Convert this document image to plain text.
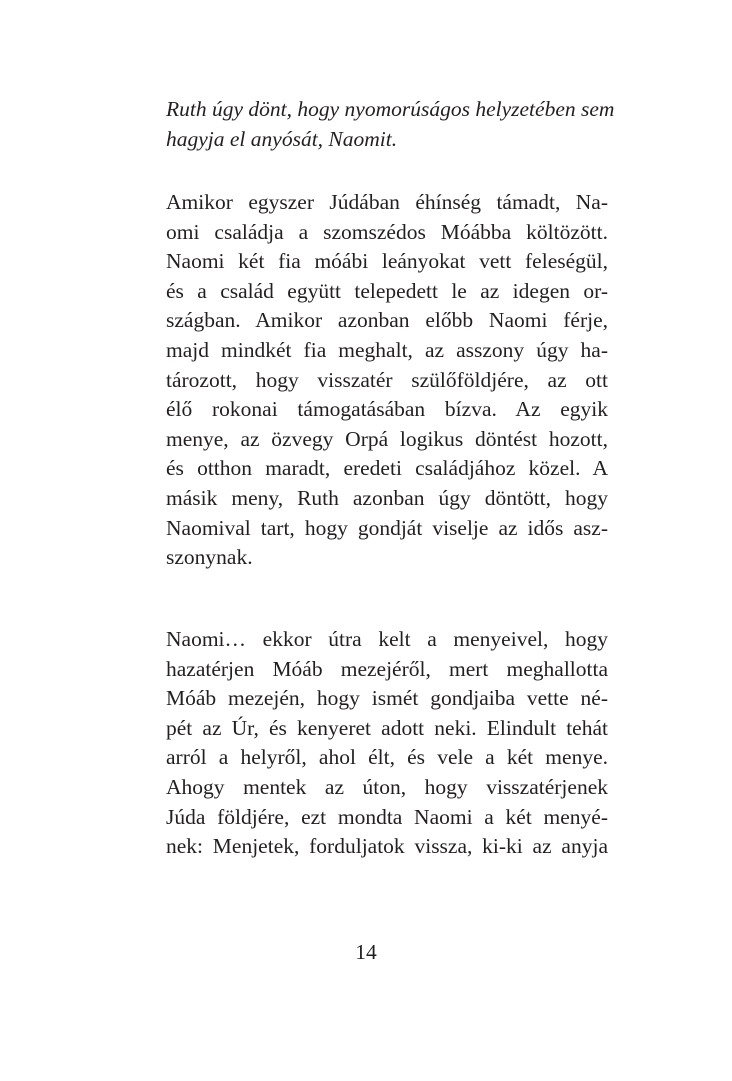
Ruth úgy dönt, hogy nyomorúságos helyzetében sem
hagyja el anyósát, Naomit.
Amikor egyszer Júdában éhínség támadt, Na-
omi családja a szomszédos Móábba költözött.
Naomi két fia móábi leányokat vett feleségül,
és a család együtt telepedett le az idegen or-
szágban. Amikor azonban előbb Naomi férje,
majd mindkét fia meghalt, az asszony úgy ha-
tározott, hogy visszatér szülőföldjére, az ott
élő rokonai támogatásában bízva. Az egyik
menye, az özvegy Orpá logikus döntést hozott,
és otthon maradt, eredeti családjához közel. A
másik meny, Ruth azonban úgy döntött, hogy
Naomival tart, hogy gondját viselje az idős asz-
szonynak.
Naomi… ekkor útra kelt a menyeivel, hogy
hazatérjen Móáb mezejéről, mert meghallotta
Móáb mezején, hogy ismét gondjaiba vette né-
pét az Úr, és kenyeret adott neki. Elindult tehát
arról a helyről, ahol élt, és vele a két menye.
Ahogy mentek az úton, hogy visszatérjenek
Júda földjére, ezt mondta Naomi a két menyé-
nek: Menjetek, forduljatok vissza, ki-ki az anyja
14
